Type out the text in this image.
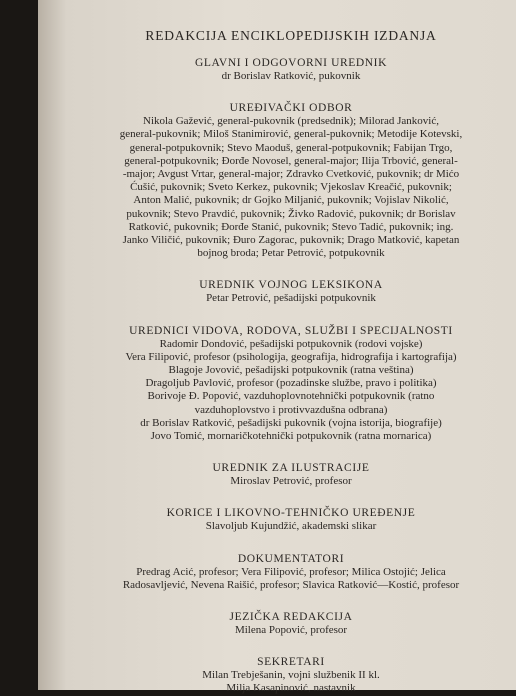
REDAKCIJA ENCIKLOPEDIJSKIH IZDANJA
GLAVNI I ODGOVORNI UREDNIK
dr Borislav Ratković, pukovnik
UREĐIVAČKI ODBOR
Nikola Gažević, general-pukovnik (predsednik); Milorad Janković,
general-pukovnik; Miloš Stanimirović, general-pukovnik; Metodije Kotevski,
general-potpukovnik; Stevo Maoduš, general-potpukovnik; Fabijan Trgo,
general-potpukovnik; Đorđe Novosel, general-major; Ilija Trbović, general-
-major; Avgust Vrtar, general-major; Zdravko Cvetković, pukovnik; dr Mićo
Ćušić, pukovnik; Sveto Kerkez, pukovnik; Vjekoslav Kreačić, pukovnik;
Anton Malić, pukovnik; dr Gojko Miljanić, pukovnik; Vojislav Nikolić,
pukovnik; Stevo Pravdić, pukovnik; Živko Radović, pukovnik; dr Borislav
Ratković, pukovnik; Đorđe Stanić, pukovnik; Stevo Tadić, pukovnik; ing.
Janko Viličić, pukovnik; Đuro Zagorac, pukovnik; Drago Matković, kapetan
bojnog broda; Petar Petrović, potpukovnik
UREDNIK VOJNOG LEKSIKONA
Petar Petrović, pešadijski potpukovnik
UREDNICI VIDOVA, RODOVA, SLUŽBI I SPECIJALNOSTI
Radomir Dondović, pešadijski potpukovnik (rodovi vojske)
Vera Filipović, profesor (psihologija, geografija, hidrografija i kartografija)
Blagoje Jovović, pešadijski potpukovnik (ratna veština)
Dragoljub Pavlović, profesor (pozadinske službe, pravo i politika)
Borivoje Đ. Popović, vazduhoplovnotehnički potpukovnik (ratno
vazduhoplovstvo i protivvazdušna odbrana)
dr Borislav Ratković, pešadijski pukovnik (vojna istorija, biografije)
Jovo Tomić, mornaričkotehnički potpukovnik (ratna mornarica)
UREDNIK ZA ILUSTRACIJE
Miroslav Petrović, profesor
KORICE I LIKOVNO-TEHNIČKO UREĐENJE
Slavoljub Kujundžić, akademski slikar
DOKUMENTATORI
Predrag Acić, profesor; Vera Filipović, profesor; Milica Ostojić; Jelica
Radosavljević, Nevena Raišić, profesor; Slavica Ratković—Kostić, profesor
JEZIČKA REDAKCIJA
Milena Popović, profesor
SEKRETARI
Milan Trebješanin, vojni službenik II kl.
Milja Kasapinović, nastavnik
